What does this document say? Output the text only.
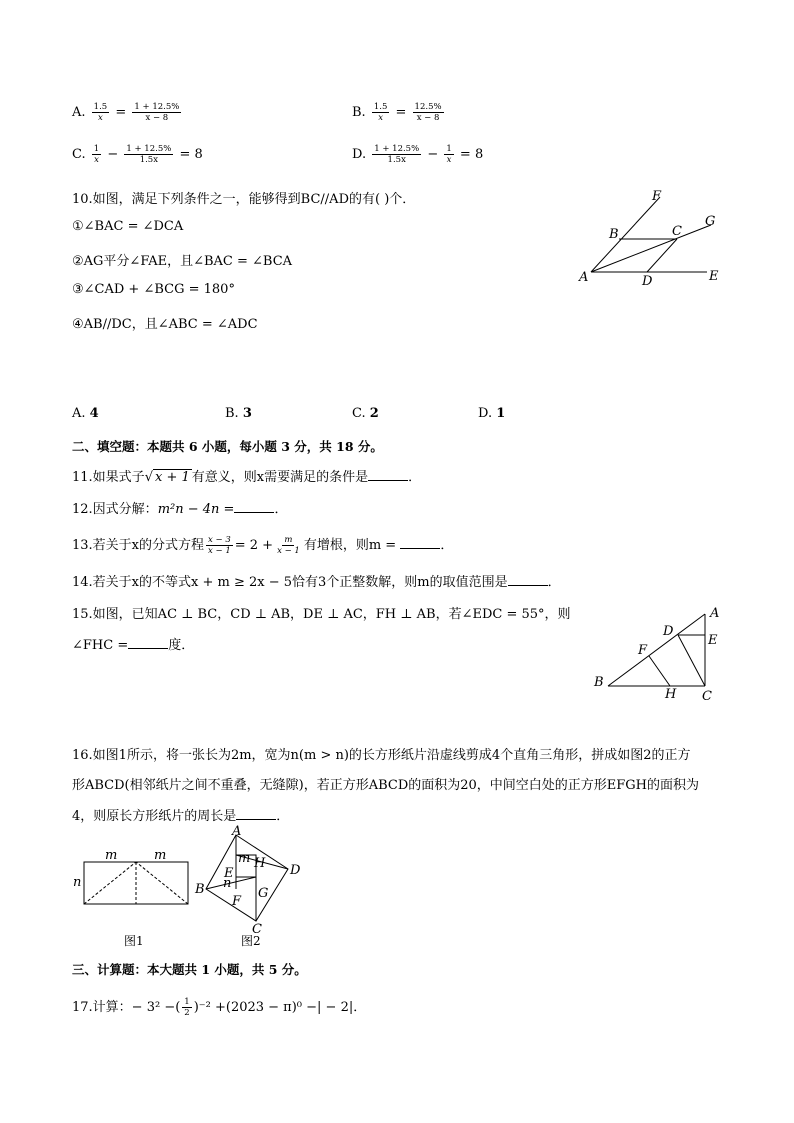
A. $\frac{1.5}{x} = \frac{1 + 12.5\%}{x - 8}$	B. $\frac{1.5}{x} = \frac{12.5\%}{x - 8}$
C. $\frac{1}{x} - \frac{1 + 12.5\%}{1.5x} = 8$	D. $\frac{1 + 12.5\%}{1.5x} - \frac{1}{x} = 8$
10.如图，满足下列条件之一，能够得到BC//AD的有( )个．
①∠BAC = ∠DCA
②AG平分∠FAE，且∠BAC = ∠BCA
③∠CAD + ∠BCG = 180°
④AB//DC，且∠ABC = ∠ADC
F
G
B	C
A	D	E
A. 4	B. 3	C. 2	D. 1
二、填空题：本题共 6 小题，每小题 3 分，共 18 分。
11.如果式子√ x + 1 有意义，则x需要满足的条件是	．
12.因式分解：m²n − 4n =	．
13.若关于x的分式方程 $\frac{x - 3}{x - 1} = 2 + \frac{m}{x - 1}$ 有增根，则m =	．
14.若关于x的不等式x + m ≥ 2x − 5恰有3个正整数解，则m的取值范围是	．
15.如图，已知AC ⊥ BC，CD ⊥ AB，DE ⊥ AC，FH ⊥ AB，若∠EDC = 55°，则
∠FHC =	度．
A
D
E
F
B
H C
16.如图1所示，将一张长为2m，宽为n(m > n)的长方形纸片沿虚线剪成4个直角三角形，拼成如图2的正方
形ABCD(相邻纸片之间不重叠，无缝隙)，若正方形ABCD的面积为20，中间空白处的正方形EFGH的面积为
4，则原长方形纸片的周长是	．
m	m
n
图1
A
B
C
D
E
F
G
H
m
n
图2
三、计算题：本大题共 1 小题，共 5 分。
17.计算：− 3² −( $\frac{1}{2} )^{-2} +(2023 - \pi)^0$ −| − 2|．
